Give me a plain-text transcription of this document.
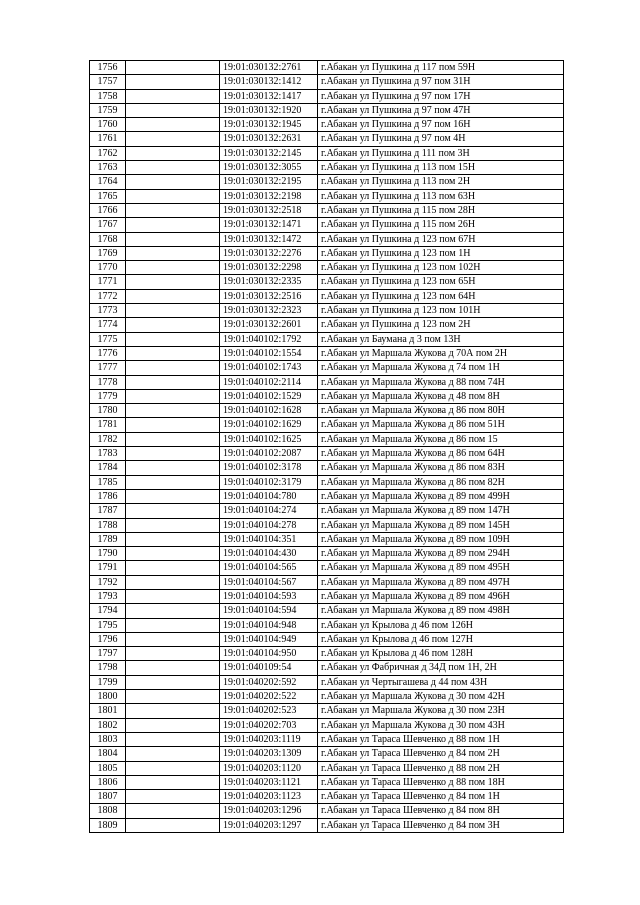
1756		19:01:030132:2761	г.Абакан ул Пушкина д 117 пом 59Н
1757		19:01:030132:1412	г.Абакан ул Пушкина д 97 пом 31Н
1758		19:01:030132:1417	г.Абакан ул Пушкина д 97 пом 17Н
1759		19:01:030132:1920	г.Абакан ул Пушкина д 97 пом 47Н
1760		19:01:030132:1945	г.Абакан ул Пушкина д 97 пом 16Н
1761		19:01:030132:2631	г.Абакан ул Пушкина д 97 пом 4Н
1762		19:01:030132:2145	г.Абакан ул Пушкина д 111 пом 3Н
1763		19:01:030132:3055	г.Абакан ул Пушкина д 113 пом 15Н
1764		19:01:030132:2195	г.Абакан ул Пушкина д 113 пом 2Н
1765		19:01:030132:2198	г.Абакан ул Пушкина д 113 пом 63Н
1766		19:01:030132:2518	г.Абакан ул Пушкина д 115 пом 28Н
1767		19:01:030132:1471	г.Абакан ул Пушкина д 115 пом 26Н
1768		19:01:030132:1472	г.Абакан ул Пушкина д 123 пом 67Н
1769		19:01:030132:2276	г.Абакан ул Пушкина д 123 пом 1Н
1770		19:01:030132:2298	г.Абакан ул Пушкина д 123 пом 102Н
1771		19:01:030132:2335	г.Абакан ул Пушкина д 123 пом 65Н
1772		19:01:030132:2516	г.Абакан ул Пушкина д 123 пом 64Н
1773		19:01:030132:2323	г.Абакан ул Пушкина д 123 пом 101Н
1774		19:01:030132:2601	г.Абакан ул Пушкина д 123 пом 2Н
1775		19:01:040102:1792	г.Абакан ул Баумана д 3 пом 13Н
1776		19:01:040102:1554	г.Абакан ул Маршала Жукова д 70А пом 2Н
1777		19:01:040102:1743	г.Абакан ул Маршала Жукова д 74 пом 1Н
1778		19:01:040102:2114	г.Абакан ул Маршала Жукова д 88 пом 74Н
1779		19:01:040102:1529	г.Абакан ул Маршала Жукова д 48 пом 8Н
1780		19:01:040102:1628	г.Абакан ул Маршала Жукова д 86 пом 80Н
1781		19:01:040102:1629	г.Абакан ул Маршала Жукова д 86 пом 51Н
1782		19:01:040102:1625	г.Абакан ул Маршала Жукова д 86 пом 15
1783		19:01:040102:2087	г.Абакан ул Маршала Жукова д 86 пом 64Н
1784		19:01:040102:3178	г.Абакан ул Маршала Жукова д 86 пом 83Н
1785		19:01:040102:3179	г.Абакан ул Маршала Жукова д 86 пом 82Н
1786		19:01:040104:780	г.Абакан ул Маршала Жукова д 89 пом 499Н
1787		19:01:040104:274	г.Абакан ул Маршала Жукова д 89 пом 147Н
1788		19:01:040104:278	г.Абакан ул Маршала Жукова д 89 пом 145Н
1789		19:01:040104:351	г.Абакан ул Маршала Жукова д 89 пом 109Н
1790		19:01:040104:430	г.Абакан ул Маршала Жукова д 89 пом 294Н
1791		19:01:040104:565	г.Абакан ул Маршала Жукова д 89 пом 495Н
1792		19:01:040104:567	г.Абакан ул Маршала Жукова д 89 пом 497Н
1793		19:01:040104:593	г.Абакан ул Маршала Жукова д 89 пом 496Н
1794		19:01:040104:594	г.Абакан ул Маршала Жукова д 89 пом 498Н
1795		19:01:040104:948	г.Абакан ул Крылова д 46 пом 126Н
1796		19:01:040104:949	г.Абакан ул Крылова д 46 пом 127Н
1797		19:01:040104:950	г.Абакан ул Крылова д 46 пом 128Н
1798		19:01:040109:54	г.Абакан ул Фабричная д 34Д пом 1Н, 2Н
1799		19:01:040202:592	г.Абакан ул Чертыгашева д 44 пом 43Н
1800		19:01:040202:522	г.Абакан ул Маршала Жукова д 30 пом 42Н
1801		19:01:040202:523	г.Абакан ул Маршала Жукова д 30 пом 23Н
1802		19:01:040202:703	г.Абакан ул Маршала Жукова д 30 пом 43Н
1803		19:01:040203:1119	г.Абакан ул Тараса Шевченко д 88 пом 1Н
1804		19:01:040203:1309	г.Абакан ул Тараса Шевченко д 84 пом 2Н
1805		19:01:040203:1120	г.Абакан ул Тараса Шевченко д 88 пом 2Н
1806		19:01:040203:1121	г.Абакан ул Тараса Шевченко д 88 пом 18Н
1807		19:01:040203:1123	г.Абакан ул Тараса Шевченко д 84 пом 1Н
1808		19:01:040203:1296	г.Абакан ул Тараса Шевченко д 84 пом 8Н
1809		19:01:040203:1297	г.Абакан ул Тараса Шевченко д 84 пом 3Н
